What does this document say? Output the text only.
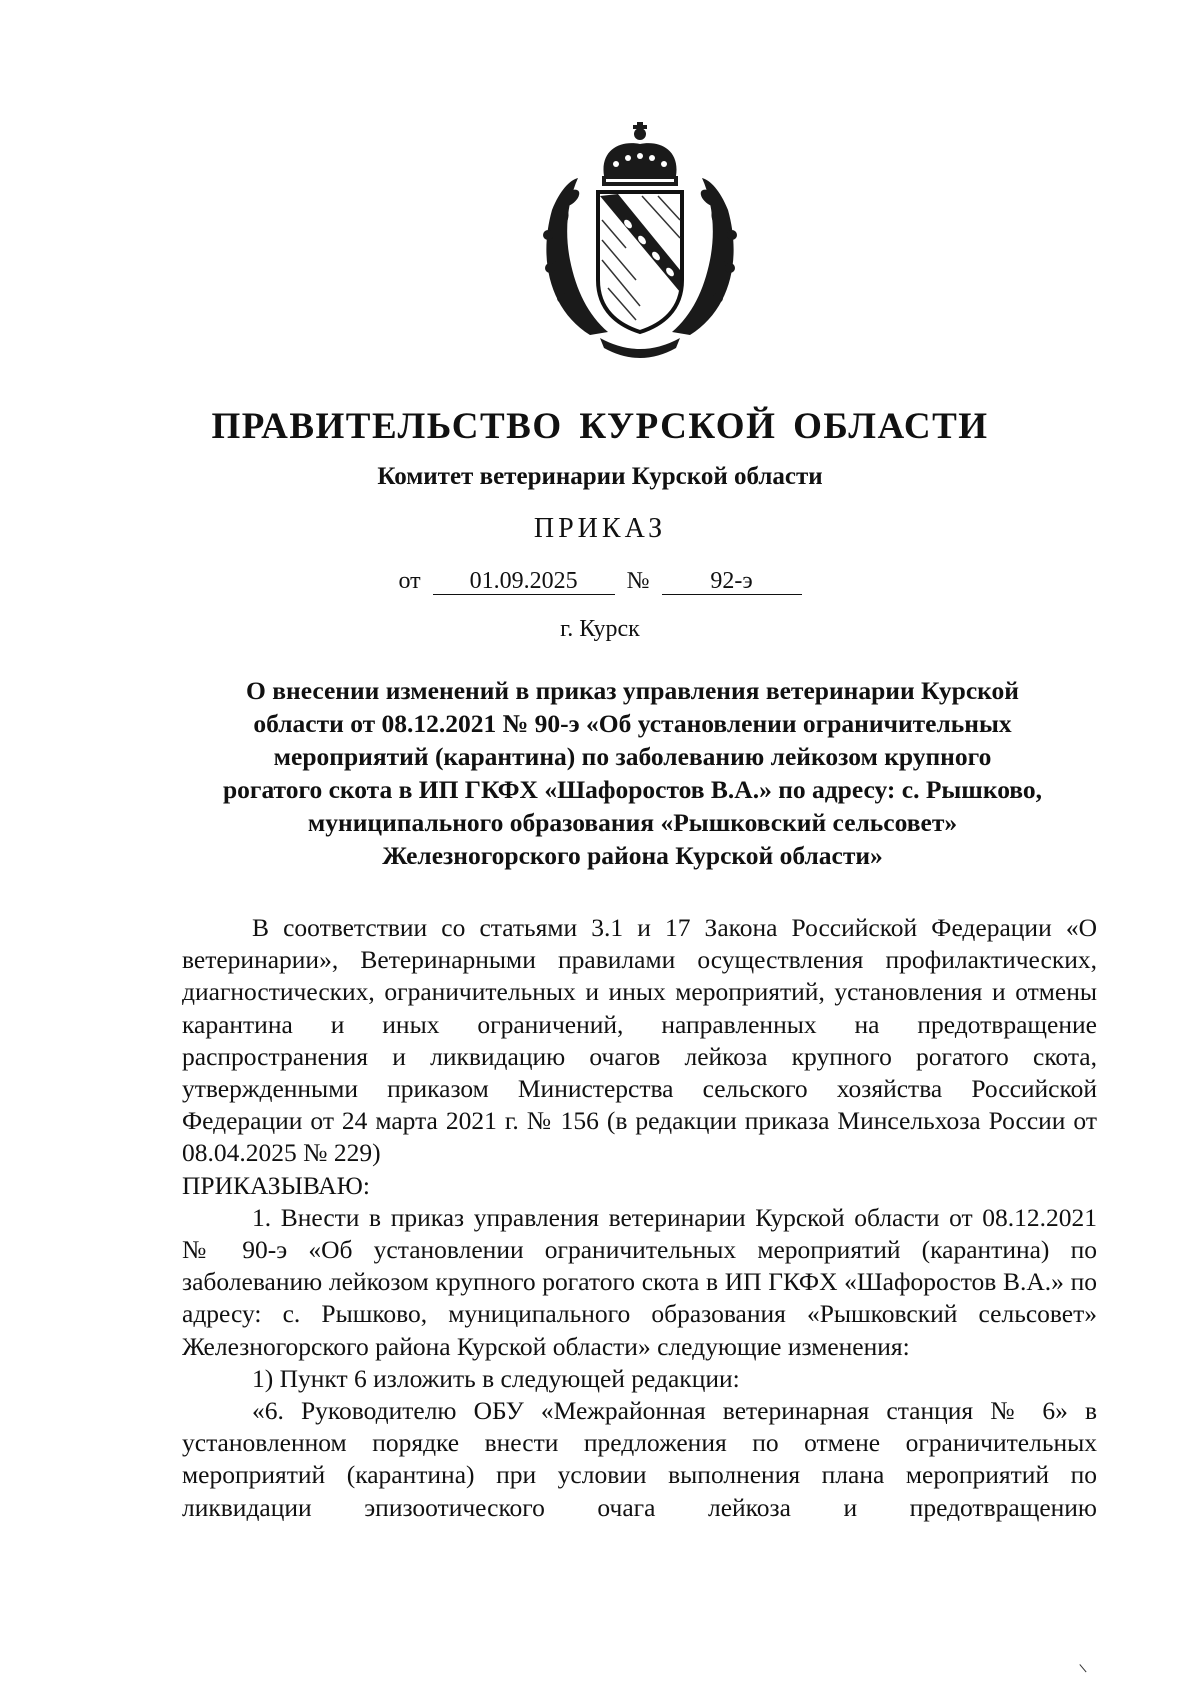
ПРАВИТЕЛЬСТВО КУРСКОЙ ОБЛАСТИ
Комитет ветеринарии Курской области
ПРИКАЗ
от 01.09.2025 №	92-э
г. Курск
О внесении изменений в приказ управления ветеринарии Курской
области от 08.12.2021 № 90-э «Об установлении ограничительных
мероприятий (карантина) по заболеванию лейкозом крупного
рогатого скота в ИП ГКФХ «Шафоростов В.А.» по адресу: с. Рышково,
муниципального образования «Рышковский сельсовет»
Железногорского района Курской области»

В соответствии со статьями 3.1 и 17 Закона Российской Федерации «О ветеринарии», Ветеринарными правилами осуществления профилактических, диагностических, ограничительных и иных мероприятий, установления и отмены карантина и иных ограничений, направленных на предотвращение распространения и ликвидацию очагов лейкоза крупного рогатого скота, утвержденными приказом Министерства сельского хозяйства Российской Федерации от 24 марта 2021 г. № 156 (в редакции приказа Минсельхоза России от 08.04.2025 № 229)

ПРИКАЗЫВАЮ:

1. Внести в приказ управления ветеринарии Курской области от 08.12.2021 № 90-э «Об установлении ограничительных мероприятий (карантина) по заболеванию лейкозом крупного рогатого скота в ИП ГКФХ «Шафоростов В.А.» по адресу: с. Рышково, муниципального образования «Рышковский сельсовет» Железногорского района Курской области» следующие изменения:

1) Пункт 6 изложить в следующей редакции:

«6. Руководителю ОБУ «Межрайонная ветеринарная станция № 6» в установленном порядке внести предложения по отмене ограничительных мероприятий (карантина) при условии выполнения плана мероприятий по ликвидации эпизоотического очага лейкоза и предотвращению
